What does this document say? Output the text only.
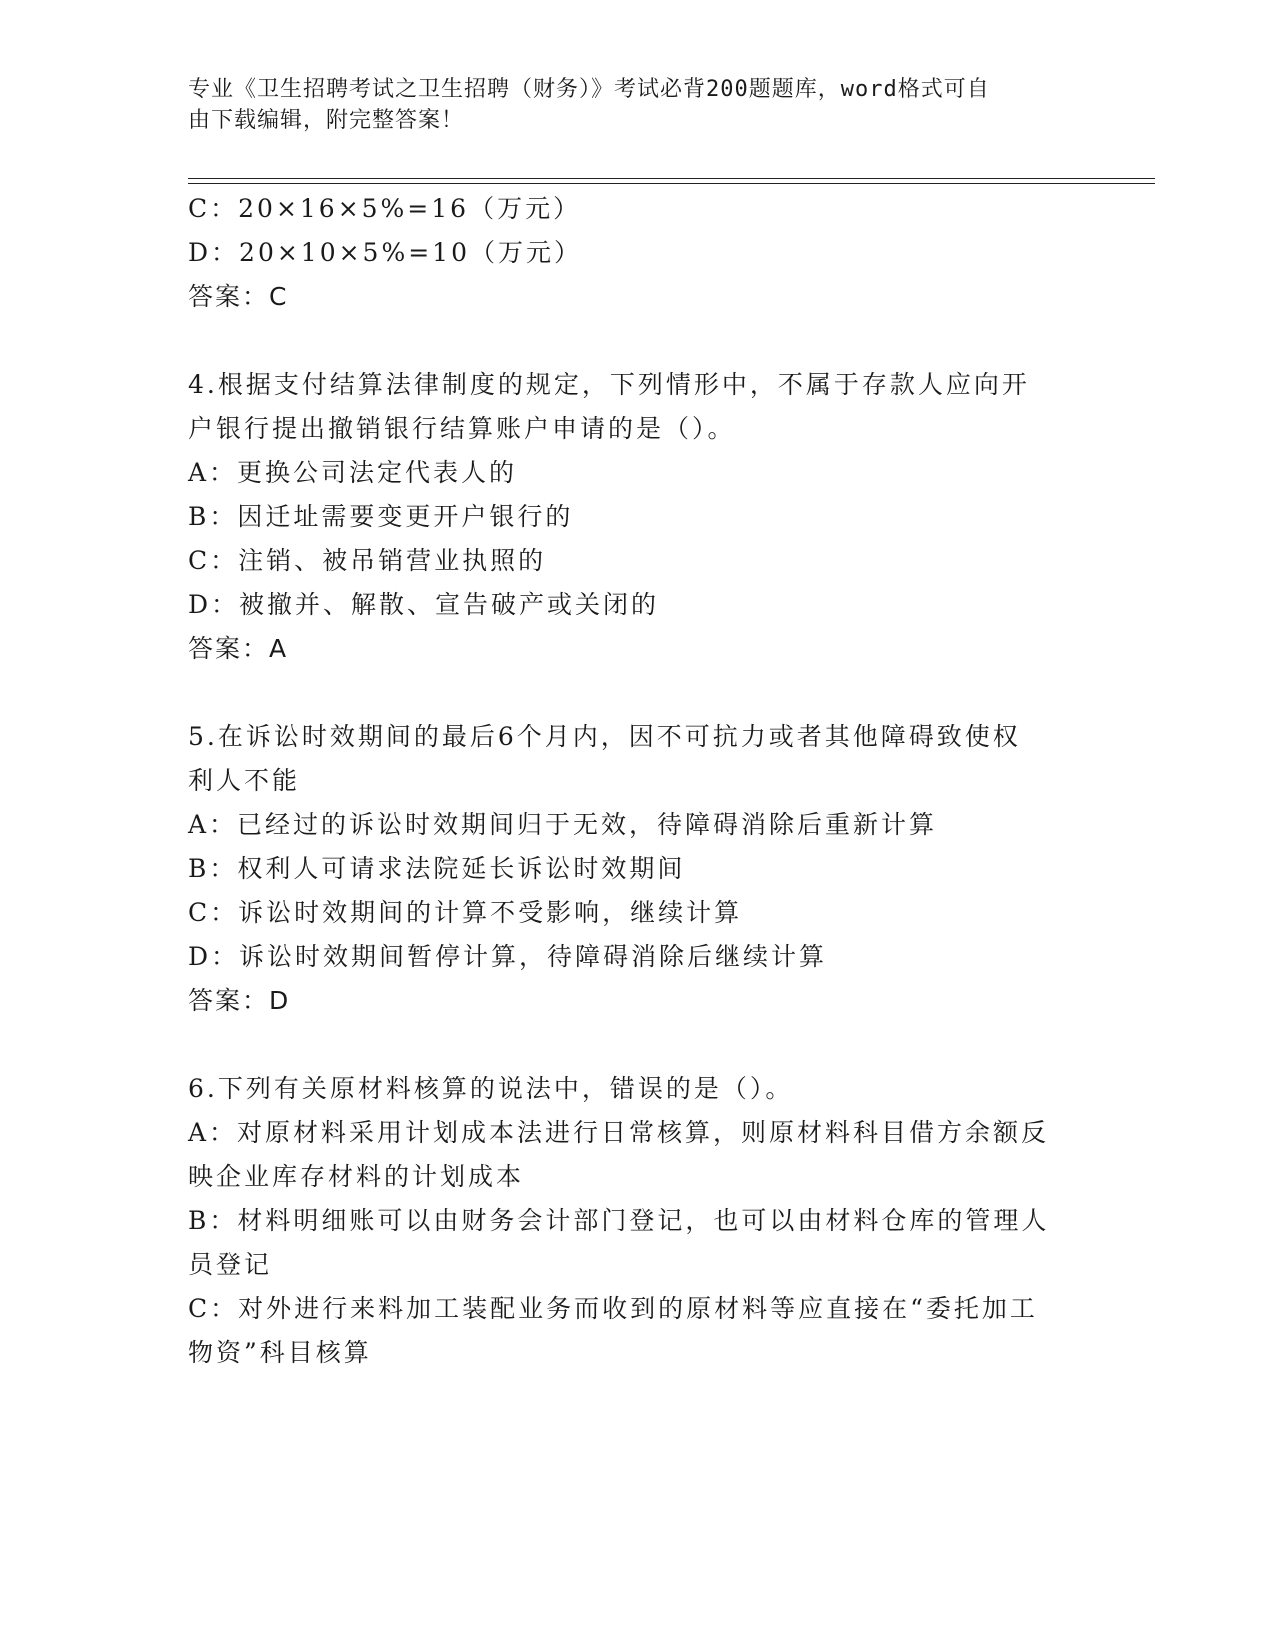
专业《卫生招聘考试之卫生招聘（财务）》考试必背200题题库，word格式可自
由下载编辑，附完整答案！
C：20×16×5%=16（万元）
D：20×10×5%=10（万元）
答案：C
4.根据支付结算法律制度的规定，下列情形中，不属于存款人应向开
户银行提出撤销银行结算账户申请的是（）。
A：更换公司法定代表人的
B：因迁址需要变更开户银行的
C：注销、被吊销营业执照的
D：被撤并、解散、宣告破产或关闭的
答案：A
5.在诉讼时效期间的最后6个月内，因不可抗力或者其他障碍致使权
利人不能
A：已经过的诉讼时效期间归于无效，待障碍消除后重新计算
B：权利人可请求法院延长诉讼时效期间
C：诉讼时效期间的计算不受影响，继续计算
D：诉讼时效期间暂停计算，待障碍消除后继续计算
答案：D
6.下列有关原材料核算的说法中，错误的是（）。
A：对原材料采用计划成本法进行日常核算，则原材料科目借方余额反
映企业库存材料的计划成本
B：材料明细账可以由财务会计部门登记，也可以由材料仓库的管理人
员登记
C：对外进行来料加工装配业务而收到的原材料等应直接在“委托加工
物资”科目核算
